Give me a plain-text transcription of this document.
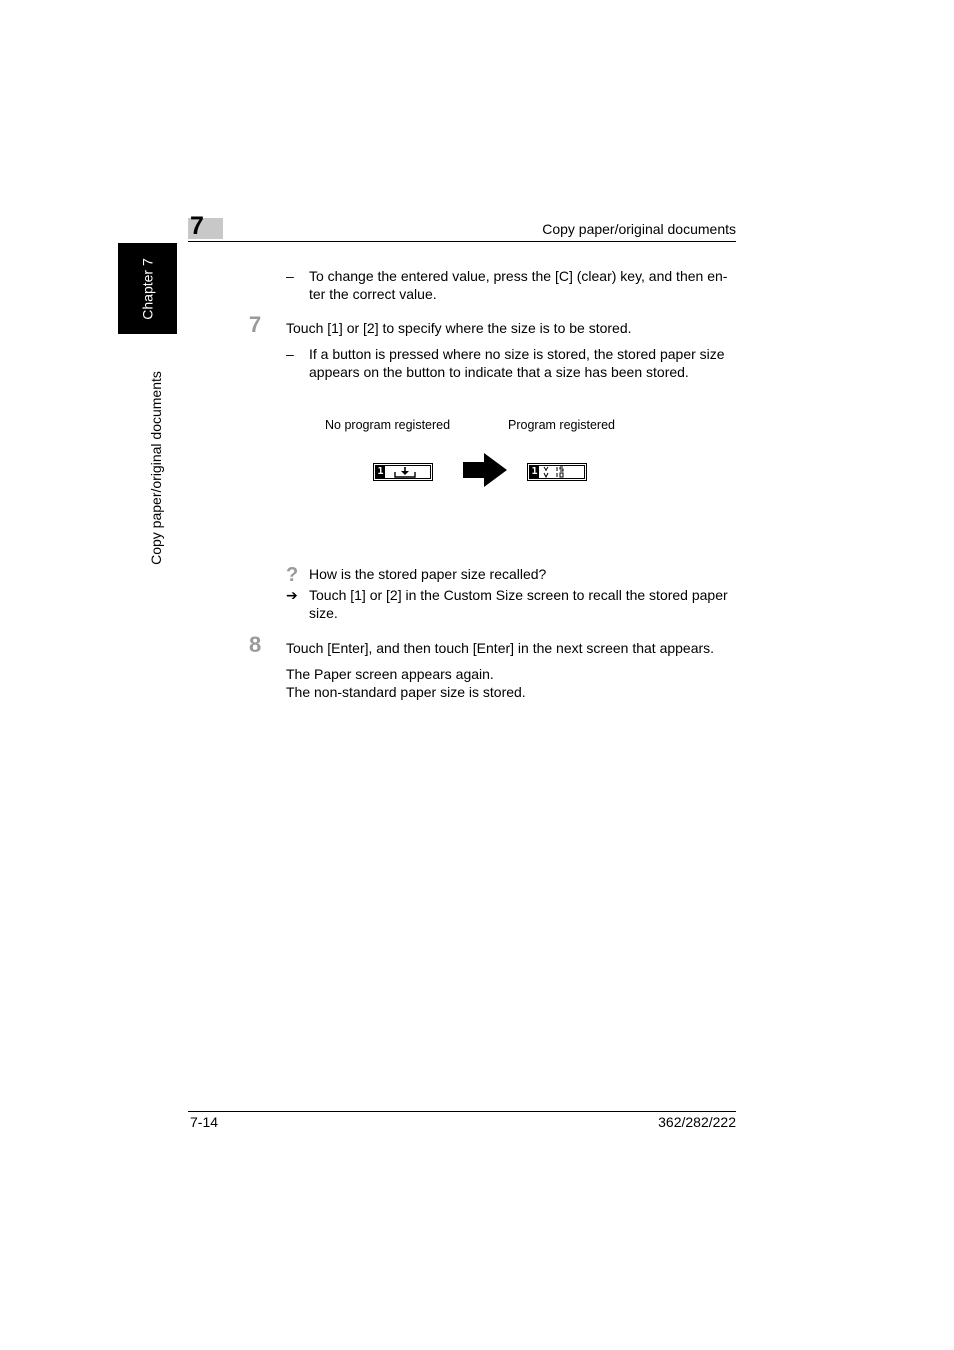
7	Copy paper/original documents
Chapter 7
Copy paper/original documents
– To change the entered value, press the [C] (clear) key, and then en-
ter the correct value.
7 Touch [1] or [2] to specify where the size is to be stored.
– If a button is pressed where no size is stored, the stored paper size
appears on the button to indicate that a size has been stored.
No program registered	Program registered
1	1
? How is the stored paper size recalled?
➔ Touch [1] or [2] in the Custom Size screen to recall the stored paper
size.
8 Touch [Enter], and then touch [Enter] in the next screen that appears.
The Paper screen appears again.
The non-standard paper size is stored.
7-14	362/282/222
